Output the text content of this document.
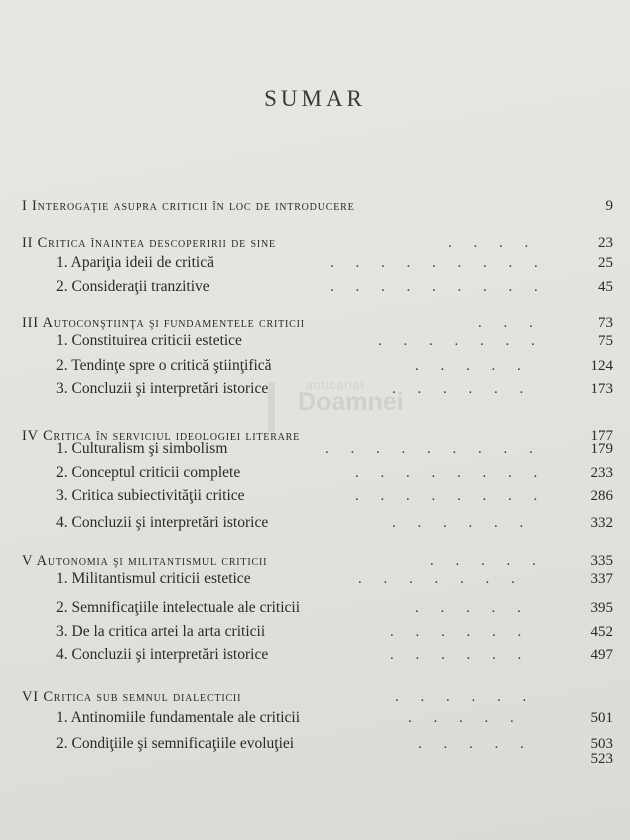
SUMAR
anticariat
Doamnei
I Interogaţie asupra criticii în loc de introducere	9
II Critica înaintea descoperirii de sine	. . . .	23
1. Apariţia ideii de critică	. . . . . . . . .	25
2. Consideraţii tranzitive	. . . . . . . . .	45
III Autoconştiinţa şi fundamentele criticii	. . .	73
1. Constituirea criticii estetice	. . . . . . .	75
2. Tendinţe spre o critică ştiinţifică	. . . . .	124
3. Concluzii şi interpretări istorice	. . . . . .	173
IV Critica în serviciul ideologiei literare	177
1. Culturalism şi simbolism	. . . . . . . . .	179
2. Conceptul criticii complete	. . . . . . . .	233
3. Critica subiectivităţii critice	. . . . . . . .	286
4. Concluzii şi interpretări istorice	. . . . . .	332
V Autonomia şi militantismul criticii	. . . . .	335
1. Militantismul criticii estetice	. . . . . . .	337
2. Semnificaţiile intelectuale ale criticii	. . . . .	395
3. De la critica artei la arta criticii	. . . . . .	452
4. Concluzii şi interpretări istorice	. . . . . .	497
VI Critica sub semnul dialecticii	. . . . . .
1. Antinomiile fundamentale ale criticii	. . . . .	501
2. Condiţiile şi semnificaţiile evoluţiei	. . . . .	503
523
